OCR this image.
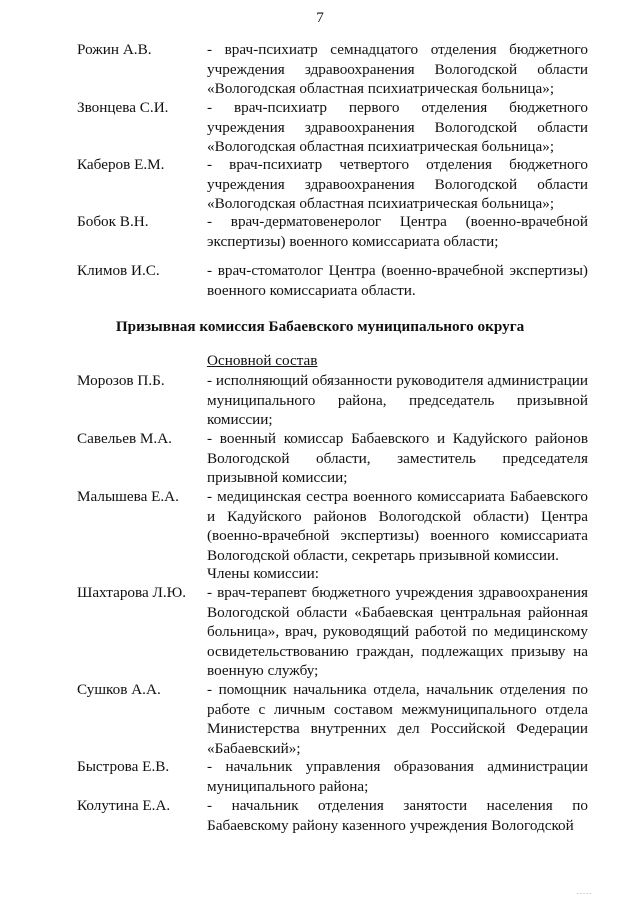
7
Рожин А.В.	- врач-психиатр семнадцатого отделения бюджетного учреждения здравоохранения Вологодской области «Вологодская областная психиатрическая больница»;
Звонцева С.И.	- врач-психиатр первого отделения бюджетного учреждения здравоохранения Вологодской области «Вологодская областная психиатрическая больница»;
Каберов Е.М.	- врач-психиатр четвертого отделения бюджетного учреждения здравоохранения Вологодской области «Вологодская областная психиатрическая больница»;
Бобок В.Н.	- врач-дерматовенеролог Центра (военно-врачебной экспертизы) военного комиссариата области;
Климов И.С.	- врач-стоматолог Центра (военно-врачебной экспертизы) военного комиссариата области.
Призывная комиссия Бабаевского муниципального округа
Основной состав
Морозов П.Б.	- исполняющий обязанности руководителя администрации муниципального района, председатель призывной комиссии;
Савельев М.А. - военный комиссар Бабаевского и Кадуйского районов Вологодской области, заместитель председателя призывной комиссии;
Малышева Е.А. - медицинская сестра военного комиссариата Бабаевского и Кадуйского районов Вологодской области) Центра (военно-врачебной экспертизы) военного комиссариата Вологодской области, секретарь призывной комиссии.
Члены комиссии:
Шахтарова Л.Ю. - врач-терапевт бюджетного учреждения здравоохранения Вологодской области «Бабаевская центральная районная больница», врач, руководящий работой по медицинскому освидетельствованию граждан, подлежащих призыву на военную службу;
Сушков А.А.	- помощник начальника отдела, начальник отделения по работе с личным составом межмуниципального отдела Министерства внутренних дел Российской Федерации «Бабаевский»;
Быстрова Е.В. - начальник управления образования администрации муниципального района;
Колутина Е.А. - начальник отделения занятости населения по Бабаевскому району казенного учреждения Вологодской
.....
